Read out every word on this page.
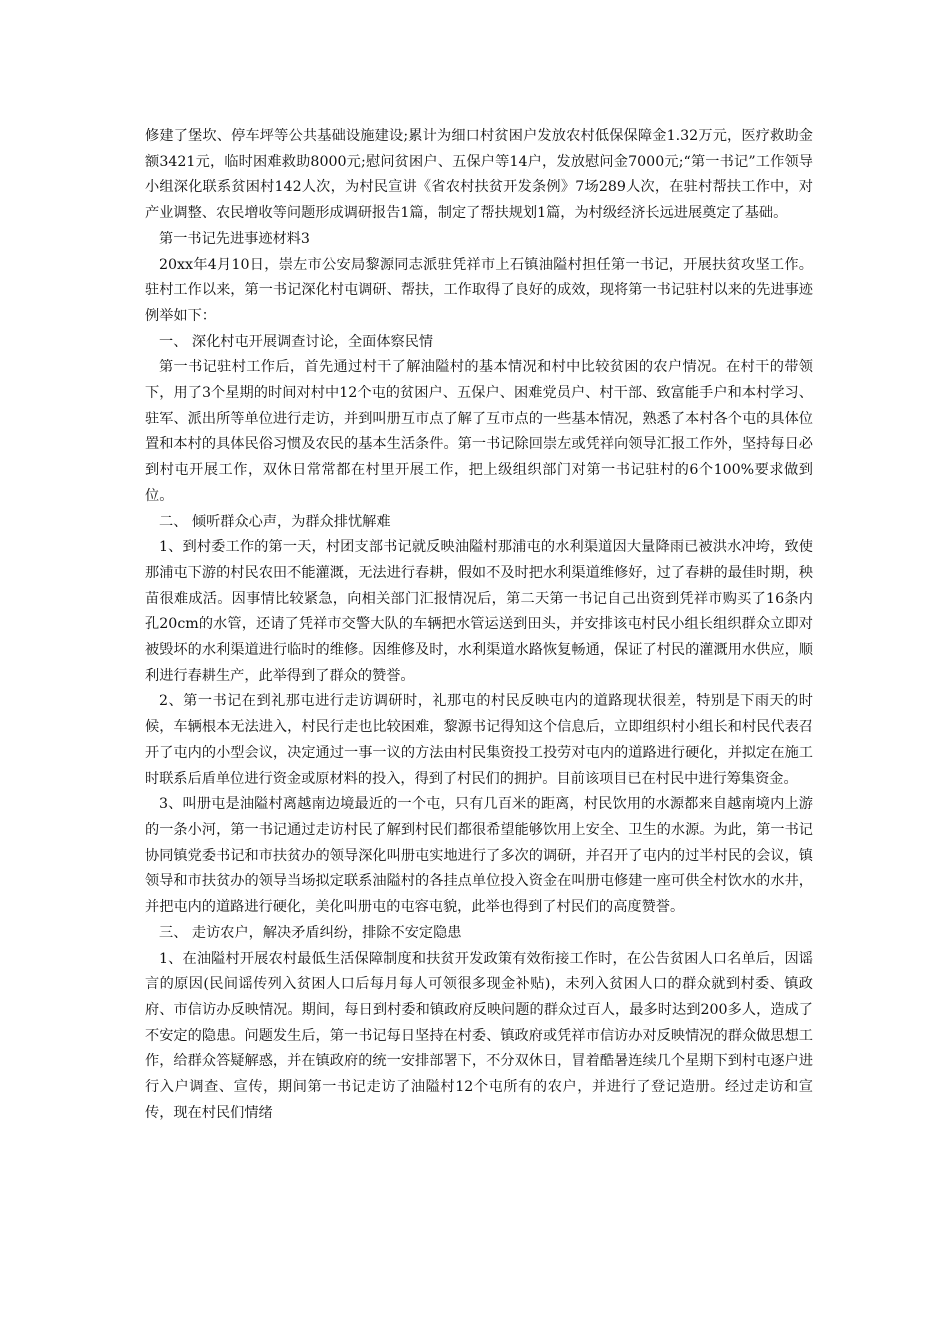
修建了堡坎、停车坪等公共基础设施建设;累计为细口村贫困户发放农村低保保障金1.32万元，医疗救助金额3421元，临时困难救助8000元;慰问贫困户、五保户等14户，发放慰问金7000元;“第一书记”工作领导小组深化联系贫困村142人次，为村民宣讲《省农村扶贫开发条例》7场289人次，在驻村帮扶工作中，对产业调整、农民增收等问题形成调研报告1篇，制定了帮扶规划1篇，为村级经济长远进展奠定了基础。

第一书记先进事迹材料3

20xx年4月10日，崇左市公安局黎源同志派驻凭祥市上石镇油隘村担任第一书记，开展扶贫攻坚工作。驻村工作以来，第一书记深化村屯调研、帮扶，工作取得了良好的成效，现将第一书记驻村以来的先进事迹例举如下：

一、 深化村屯开展调查讨论，全面体察民情

第一书记驻村工作后，首先通过村干了解油隘村的基本情况和村中比较贫困的农户情况。在村干的带领下，用了3个星期的时间对村中12个屯的贫困户、五保户、困难党员户、村干部、致富能手户和本村学习、驻军、派出所等单位进行走访，并到叫册互市点了解了互市点的一些基本情况，熟悉了本村各个屯的具体位置和本村的具体民俗习惯及农民的基本生活条件。第一书记除回崇左或凭祥向领导汇报工作外，坚持每日必到村屯开展工作，双休日常常都在村里开展工作，把上级组织部门对第一书记驻村的6个100%要求做到位。

二、 倾听群众心声，为群众排忧解难

1、到村委工作的第一天，村团支部书记就反映油隘村那浦屯的水利渠道因大量降雨已被洪水冲垮，致使那浦屯下游的村民农田不能灌溉，无法进行春耕，假如不及时把水利渠道维修好，过了春耕的最佳时期，秧苗很难成活。因事情比较紧急，向相关部门汇报情况后，第二天第一书记自己出资到凭祥市购买了16条内孔20cm的水管，还请了凭祥市交警大队的车辆把水管运送到田头，并安排该屯村民小组长组织群众立即对被毁坏的水利渠道进行临时的维修。因维修及时，水利渠道水路恢复畅通，保证了村民的灌溉用水供应，顺利进行春耕生产，此举得到了群众的赞誉。

2、第一书记在到礼那屯进行走访调研时，礼那屯的村民反映屯内的道路现状很差，特别是下雨天的时候，车辆根本无法进入，村民行走也比较困难，黎源书记得知这个信息后，立即组织村小组长和村民代表召开了屯内的小型会议，决定通过一事一议的方法由村民集资投工投劳对屯内的道路进行硬化，并拟定在施工时联系后盾单位进行资金或原材料的投入，得到了村民们的拥护。目前该项目已在村民中进行筹集资金。

3、叫册屯是油隘村离越南边境最近的一个屯，只有几百米的距离，村民饮用的水源都来自越南境内上游的一条小河，第一书记通过走访村民了解到村民们都很希望能够饮用上安全、卫生的水源。为此，第一书记协同镇党委书记和市扶贫办的领导深化叫册屯实地进行了多次的调研，并召开了屯内的过半村民的会议，镇领导和市扶贫办的领导当场拟定联系油隘村的各挂点单位投入资金在叫册屯修建一座可供全村饮水的水井，并把屯内的道路进行硬化，美化叫册屯的屯容屯貌，此举也得到了村民们的高度赞誉。

三、 走访农户，解决矛盾纠纷，排除不安定隐患

1、在油隘村开展农村最低生活保障制度和扶贫开发政策有效衔接工作时，在公告贫困人口名单后，因谣言的原因(民间谣传列入贫困人口后每月每人可领很多现金补贴)，未列入贫困人口的群众就到村委、镇政府、市信访办反映情况。期间，每日到村委和镇政府反映问题的群众过百人，最多时达到200多人，造成了不安定的隐患。问题发生后，第一书记每日坚持在村委、镇政府或凭祥市信访办对反映情况的群众做思想工作，给群众答疑解惑，并在镇政府的统一安排部署下，不分双休日，冒着酷暑连续几个星期下到村屯逐户进行入户调查、宣传，期间第一书记走访了油隘村12个屯所有的农户，并进行了登记造册。经过走访和宣传，现在村民们情绪
